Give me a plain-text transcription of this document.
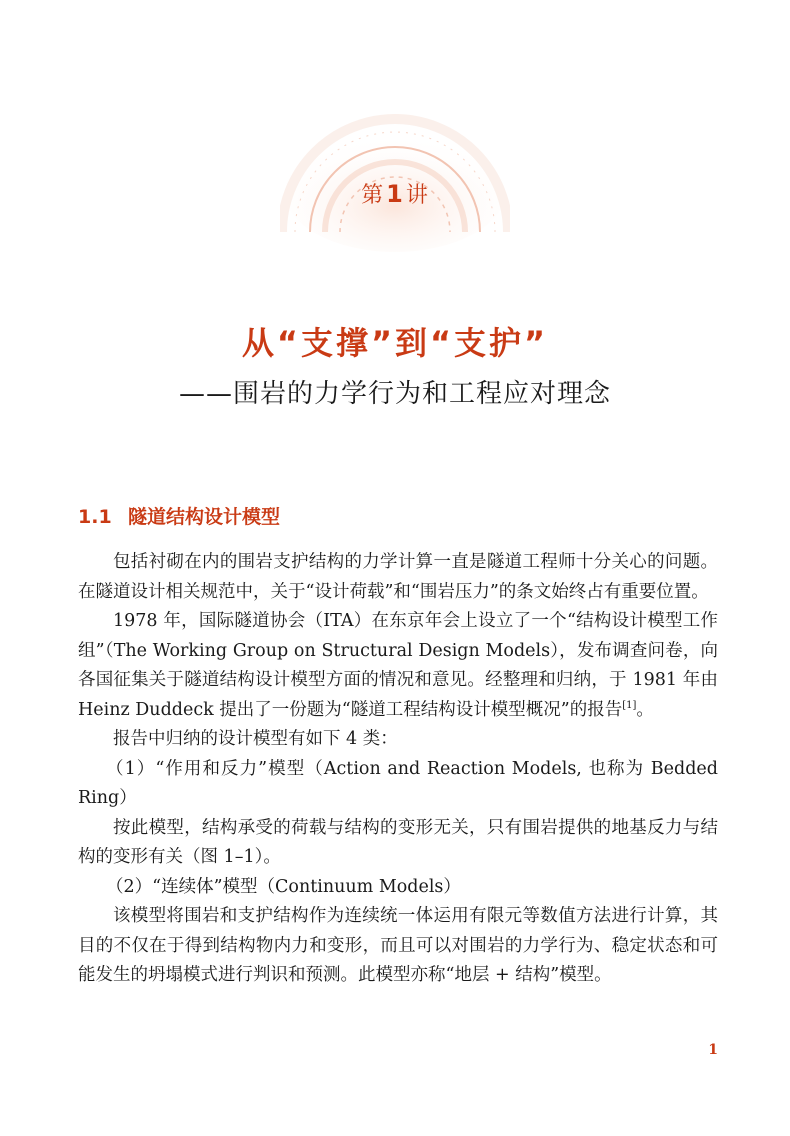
第1讲
从“支撑”到“支护”
——围岩的力学行为和工程应对理念
1.1 隧道结构设计模型

包括衬砌在内的围岩支护结构的力学计算一直是隧道工程师十分关心的问题。在隧道设计相关规范中，关于“设计荷载”和“围岩压力”的条文始终占有重要位置。

1978 年，国际隧道协会（ITA）在东京年会上设立了一个“结构设计模型工作组”（The Working Group on Structural Design Models），发布调查问卷，向各国征集关于隧道结构设计模型方面的情况和意见。经整理和归纳，于 1981 年由 Heinz Duddeck 提出了一份题为“隧道工程结构设计模型概况”的报告[1]。

报告中归纳的设计模型有如下 4 类：

（1）“作用和反力”模型（Action and Reaction Models, 也称为 Bedded Ring）

按此模型，结构承受的荷载与结构的变形无关，只有围岩提供的地基反力与结构的变形有关（图 1–1）。

（2）“连续体”模型（Continuum Models）

该模型将围岩和支护结构作为连续统一体运用有限元等数值方法进行计算，其目的不仅在于得到结构物内力和变形，而且可以对围岩的力学行为、稳定状态和可能发生的坍塌模式进行判识和预测。此模型亦称“地层 + 结构”模型。

1
